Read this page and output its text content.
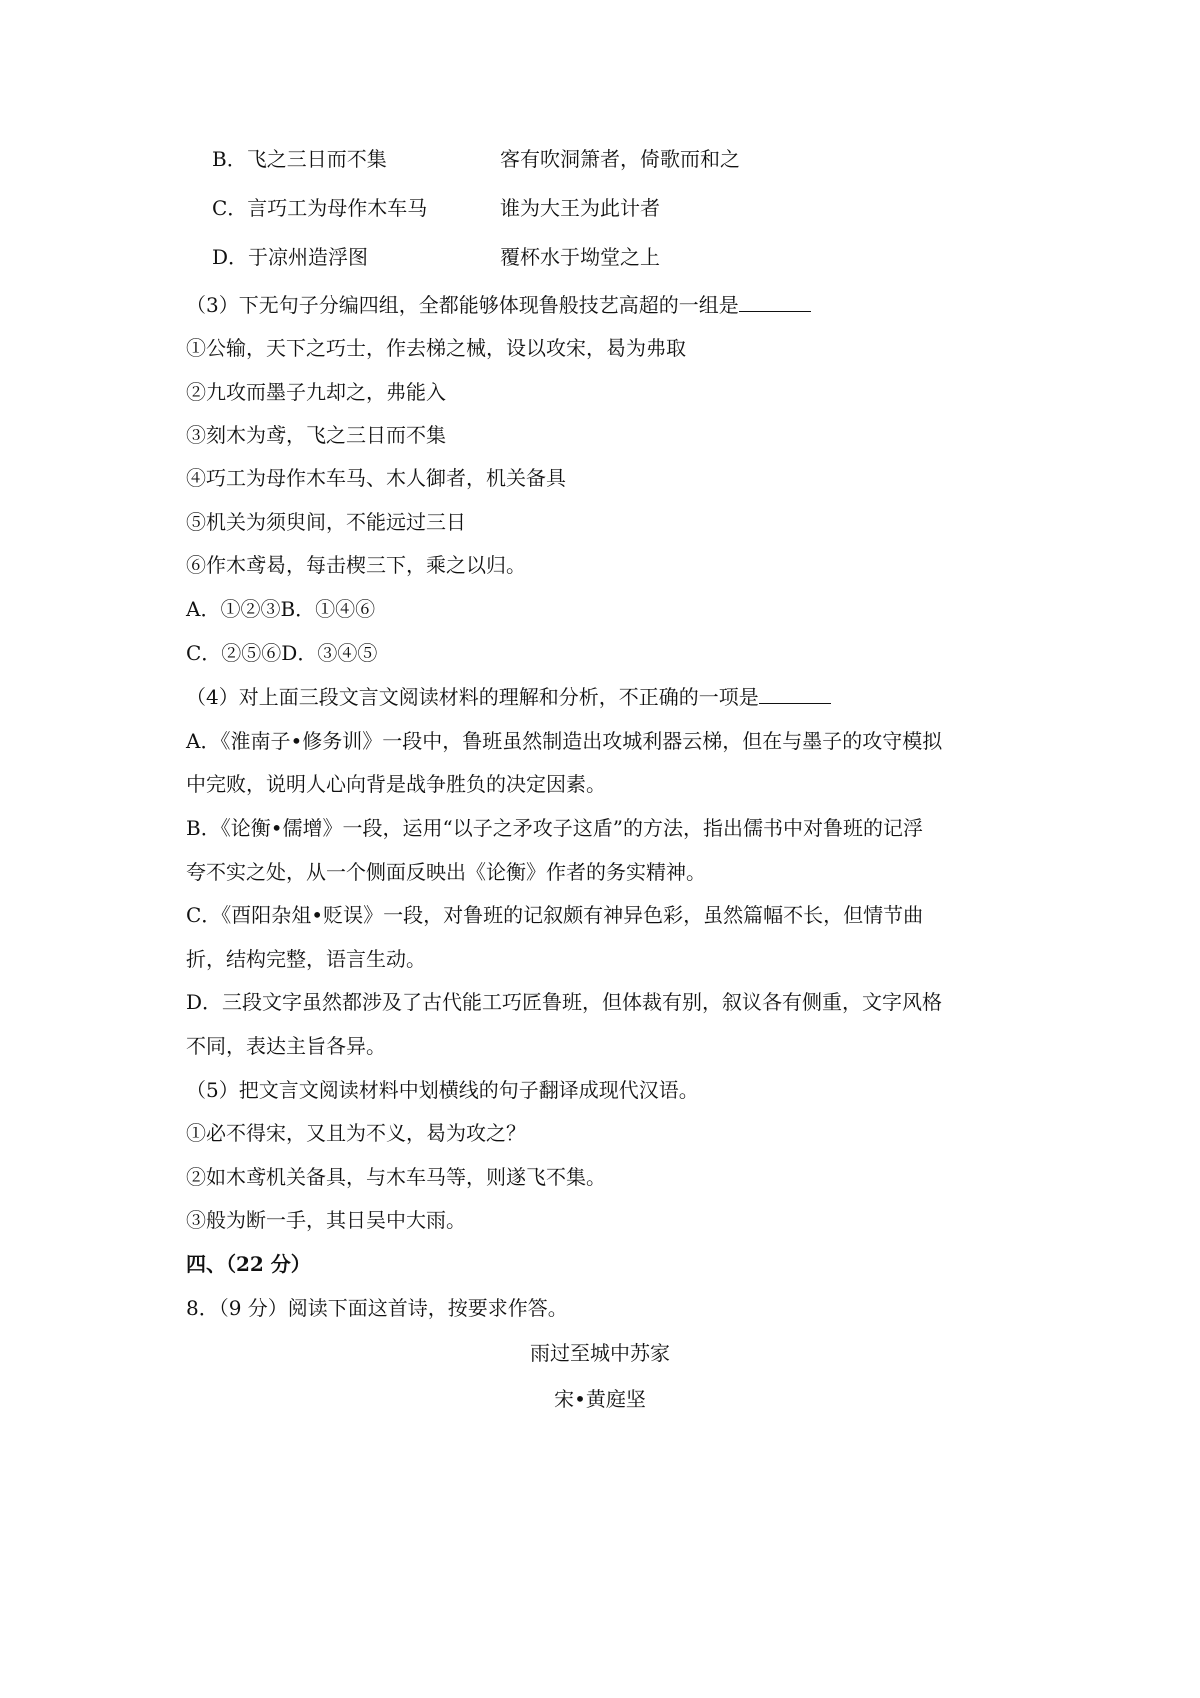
B．飞之三日而不集	客有吹洞箫者，倚歌而和之
C．言巧工为母作木车马	谁为大王为此计者
D．于凉州造浮图	覆杯水于坳堂之上
（3）下无句子分编四组，全都能够体现鲁般技艺高超的一组是
①公输，天下之巧士，作去梯之械，设以攻宋，曷为弗取
②九攻而墨子九却之，弗能入
③刻木为鸢，飞之三日而不集
④巧工为母作木车马、木人御者，机关备具
⑤机关为须臾间，不能远过三日
⑥作木鸢曷，每击楔三下，乘之以归。
A．①②③B．①④⑥
C．②⑤⑥D．③④⑤
（4）对上面三段文言文阅读材料的理解和分析，不正确的一项是
A．《淮南子•修务训》一段中，鲁班虽然制造出攻城利器云梯，但在与墨子的攻守模拟
中完败，说明人心向背是战争胜负的决定因素。
B．《论衡•儒增》一段，运用“以子之矛攻子这盾”的方法，指出儒书中对鲁班的记浮
夸不实之处，从一个侧面反映出《论衡》作者的务实精神。
C．《酉阳杂俎•贬误》一段，对鲁班的记叙颇有神异色彩，虽然篇幅不长，但情节曲
折，结构完整，语言生动。
D．三段文字虽然都涉及了古代能工巧匠鲁班，但体裁有别，叙议各有侧重，文字风格
不同，表达主旨各异。
（5）把文言文阅读材料中划横线的句子翻译成现代汉语。
①必不得宋，又且为不义，曷为攻之？
②如木鸢机关备具，与木车马等，则遂飞不集。
③般为断一手，其日吴中大雨。
四、（22 分）
8．（9 分）阅读下面这首诗，按要求作答。
雨过至城中苏家
宋•黄庭坚
